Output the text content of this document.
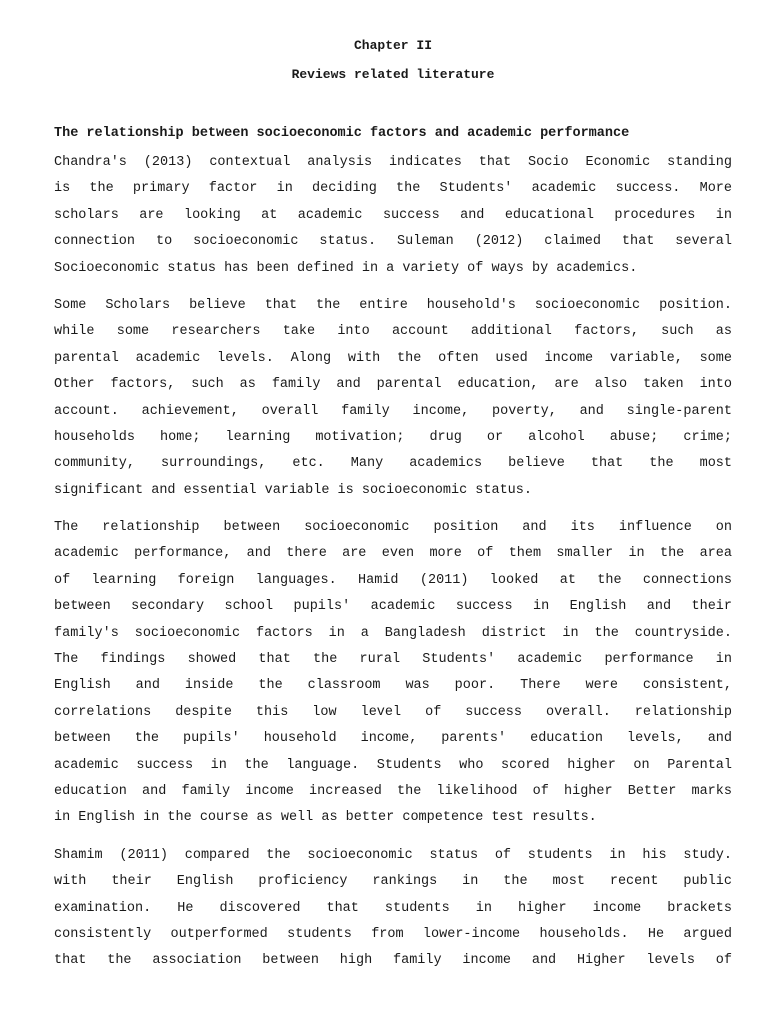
Chapter II
Reviews related literature
The relationship between socioeconomic factors and academic performance
Chandra's (2013) contextual analysis indicates that Socio Economic standing
is the primary factor in deciding the Students' academic success. More
scholars are looking at academic success and educational procedures in
connection to socioeconomic status. Suleman (2012) claimed that several
Socioeconomic status has been defined in a variety of ways by academics.
Some Scholars believe that the entire household's socioeconomic position.
while some researchers take into account additional factors, such as
parental academic levels. Along with the often used income variable, some
Other factors, such as family and parental education, are also taken into
account. achievement, overall family income, poverty, and single-parent
households home; learning motivation; drug or alcohol abuse; crime;
community, surroundings, etc. Many academics believe that the most
significant and essential variable is socioeconomic status.
The relationship between socioeconomic position and its influence on
academic performance, and there are even more of them smaller in the area
of learning foreign languages. Hamid (2011) looked at the connections
between secondary school pupils' academic success in English and their
family's socioeconomic factors in a Bangladesh district in the countryside.
The findings showed that the rural Students' academic performance in
English and inside the classroom was poor. There were consistent,
correlations despite this low level of success overall. relationship
between the pupils' household income, parents' education levels, and
academic success in the language. Students who scored higher on Parental
education and family income increased the likelihood of higher Better marks
in English in the course as well as better competence test results.
Shamim (2011) compared the socioeconomic status of students in his study.
with their English proficiency rankings in the most recent public
examination. He discovered that students in higher income brackets
consistently outperformed students from lower-income households. He argued
that the association between high family income and Higher levels of
